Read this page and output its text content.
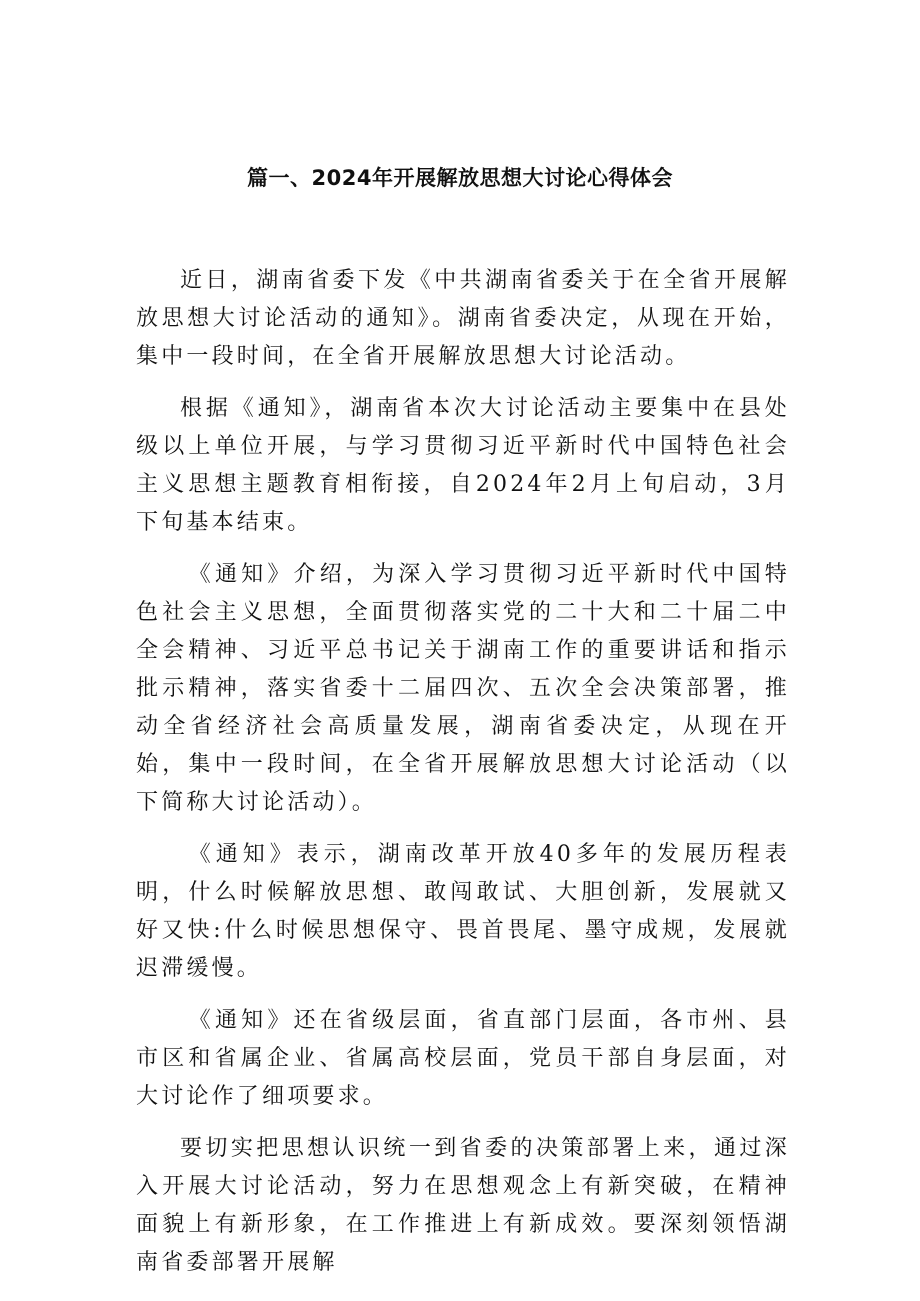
篇一、2024年开展解放思想大讨论心得体会

近日，湖南省委下发《中共湖南省委关于在全省开展解放思想大讨论活动的通知》。湖南省委决定，从现在开始，集中一段时间，在全省开展解放思想大讨论活动。

根据《通知》，湖南省本次大讨论活动主要集中在县处级以上单位开展，与学习贯彻习近平新时代中国特色社会主义思想主题教育相衔接，自2024年2月上旬启动，3月下旬基本结束。

《通知》介绍，为深入学习贯彻习近平新时代中国特色社会主义思想，全面贯彻落实党的二十大和二十届二中全会精神、习近平总书记关于湖南工作的重要讲话和指示批示精神，落实省委十二届四次、五次全会决策部署，推动全省经济社会高质量发展，湖南省委决定，从现在开始，集中一段时间，在全省开展解放思想大讨论活动（以下简称大讨论活动）。

《通知》表示，湖南改革开放40多年的发展历程表明，什么时候解放思想、敢闯敢试、大胆创新，发展就又好又快:什么时候思想保守、畏首畏尾、墨守成规，发展就迟滞缓慢。

《通知》还在省级层面，省直部门层面，各市州、县市区和省属企业、省属高校层面，党员干部自身层面，对大讨论作了细项要求。

要切实把思想认识统一到省委的决策部署上来，通过深入开展大讨论活动，努力在思想观念上有新突破，在精神面貌上有新形象，在工作推进上有新成效。要深刻领悟湖南省委部署开展解
